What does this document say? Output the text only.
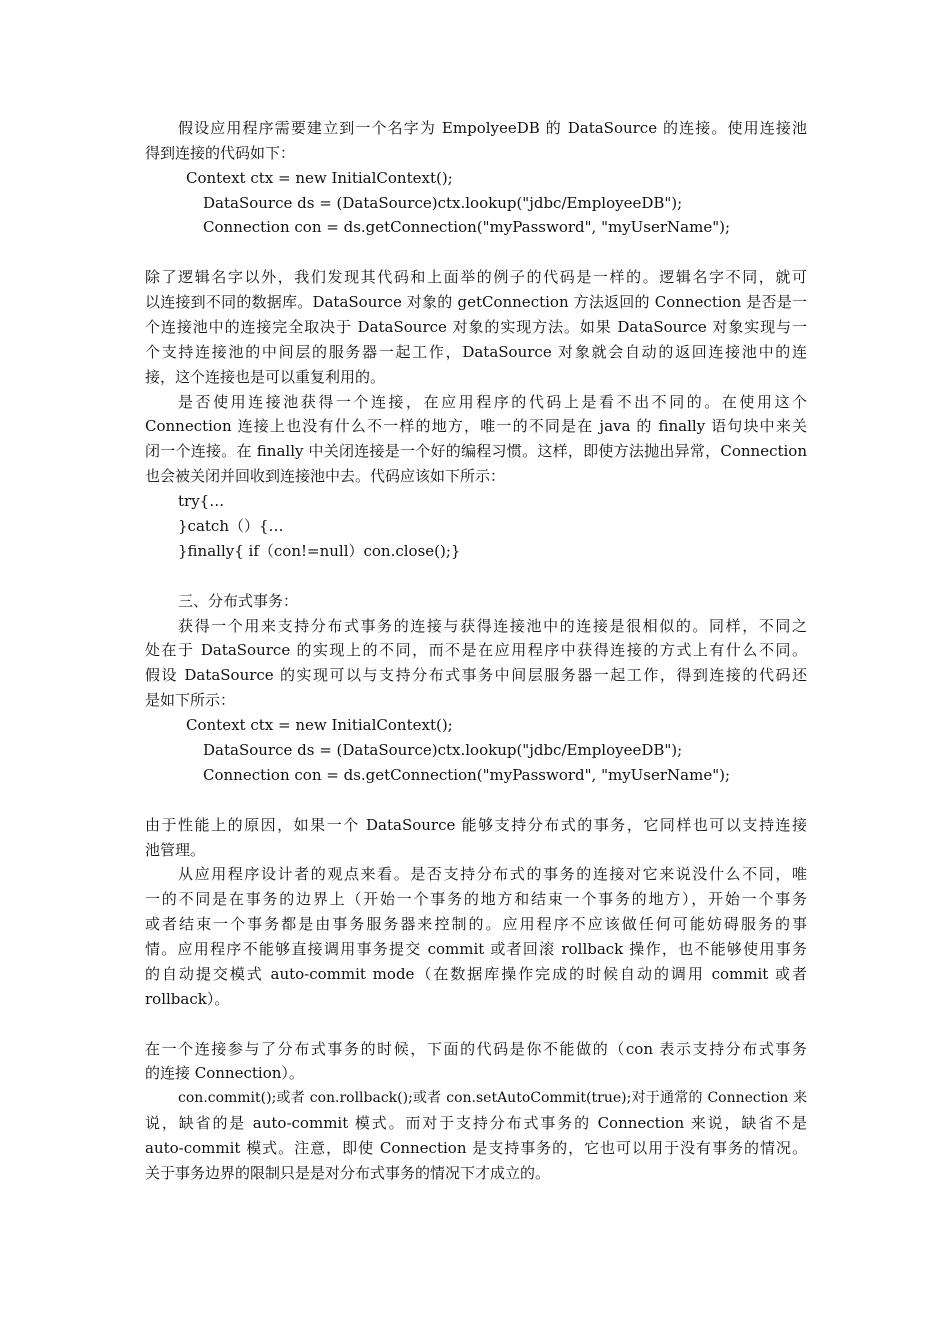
假设应用程序需要建立到一个名字为 EmpolyeeDB 的 DataSource 的连接。使用连接池
得到连接的代码如下：
Context ctx = new InitialContext();
DataSource ds = (DataSource)ctx.lookup("jdbc/EmployeeDB");
Connection con = ds.getConnection("myPassword", "myUserName");
除了逻辑名字以外，我们发现其代码和上面举的例子的代码是一样的。逻辑名字不同，就可
以连接到不同的数据库。DataSource 对象的 getConnection 方法返回的 Connection 是否是一
个连接池中的连接完全取决于 DataSource 对象的实现方法。如果 DataSource 对象实现与一
个支持连接池的中间层的服务器一起工作，DataSource 对象就会自动的返回连接池中的连
接，这个连接也是可以重复利用的。
是否使用连接池获得一个连接，在应用程序的代码上是看不出不同的。在使用这个
Connection 连接上也没有什么不一样的地方，唯一的不同是在 java 的 finally 语句块中来关
闭一个连接。在 finally 中关闭连接是一个好的编程习惯。这样，即使方法抛出异常，Connection
也会被关闭并回收到连接池中去。代码应该如下所示：
try{…
}catch（）{…
}finally{ if（con!=null）con.close();}
三、分布式事务：
获得一个用来支持分布式事务的连接与获得连接池中的连接是很相似的。同样，不同之
处在于 DataSource 的实现上的不同，而不是在应用程序中获得连接的方式上有什么不同。
假设 DataSource 的实现可以与支持分布式事务中间层服务器一起工作，得到连接的代码还
是如下所示：
Context ctx = new InitialContext();
DataSource ds = (DataSource)ctx.lookup("jdbc/EmployeeDB");
Connection con = ds.getConnection("myPassword", "myUserName");
由于性能上的原因，如果一个 DataSource 能够支持分布式的事务，它同样也可以支持连接
池管理。
从应用程序设计者的观点来看。是否支持分布式的事务的连接对它来说没什么不同，唯
一的不同是在事务的边界上（开始一个事务的地方和结束一个事务的地方），开始一个事务
或者结束一个事务都是由事务服务器来控制的。应用程序不应该做任何可能妨碍服务的事
情。应用程序不能够直接调用事务提交 commit 或者回滚 rollback 操作，也不能够使用事务
的自动提交模式 auto-commit mode（在数据库操作完成的时候自动的调用 commit 或者
rollback）。
在一个连接参与了分布式事务的时候，下面的代码是你不能做的（con 表示支持分布式事务
的连接 Connection）。
con.commit();或者 con.rollback();或者 con.setAutoCommit(true);对于通常的 Connection 来
说，缺省的是 auto-commit 模式。而对于支持分布式事务的 Connection 来说，缺省不是
auto-commit 模式。注意，即使 Connection 是支持事务的，它也可以用于没有事务的情况。
关于事务边界的限制只是是对分布式事务的情况下才成立的。
